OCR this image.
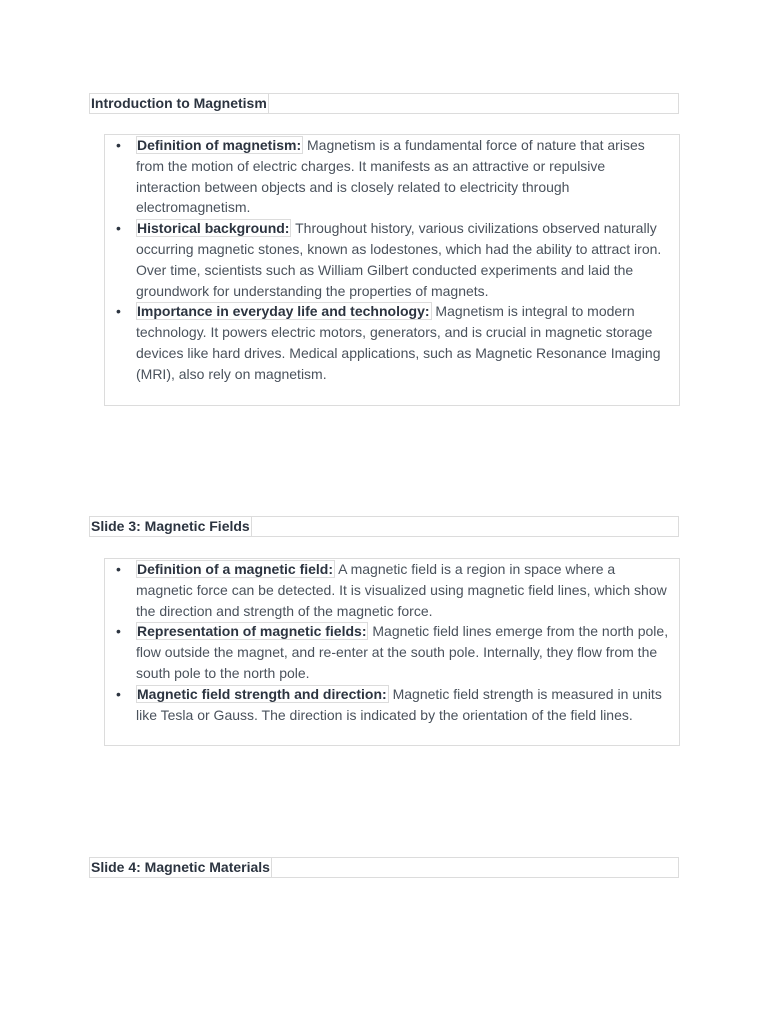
Introduction to Magnetism
• Definition of magnetism: Magnetism is a fundamental force of nature that arises from the motion of electric charges. It manifests as an attractive or repulsive interaction between objects and is closely related to electricity through electromagnetism.
• Historical background: Throughout history, various civilizations observed naturally occurring magnetic stones, known as lodestones, which had the ability to attract iron. Over time, scientists such as William Gilbert conducted experiments and laid the groundwork for understanding the properties of magnets.
• Importance in everyday life and technology: Magnetism is integral to modern technology. It powers electric motors, generators, and is crucial in magnetic storage devices like hard drives. Medical applications, such as Magnetic Resonance Imaging (MRI), also rely on magnetism.
Slide 3: Magnetic Fields
• Definition of a magnetic field: A magnetic field is a region in space where a magnetic force can be detected. It is visualized using magnetic field lines, which show the direction and strength of the magnetic force.
• Representation of magnetic fields: Magnetic field lines emerge from the north pole, flow outside the magnet, and re-enter at the south pole. Internally, they flow from the south pole to the north pole.
• Magnetic field strength and direction: Magnetic field strength is measured in units like Tesla or Gauss. The direction is indicated by the orientation of the field lines.
Slide 4: Magnetic Materials
